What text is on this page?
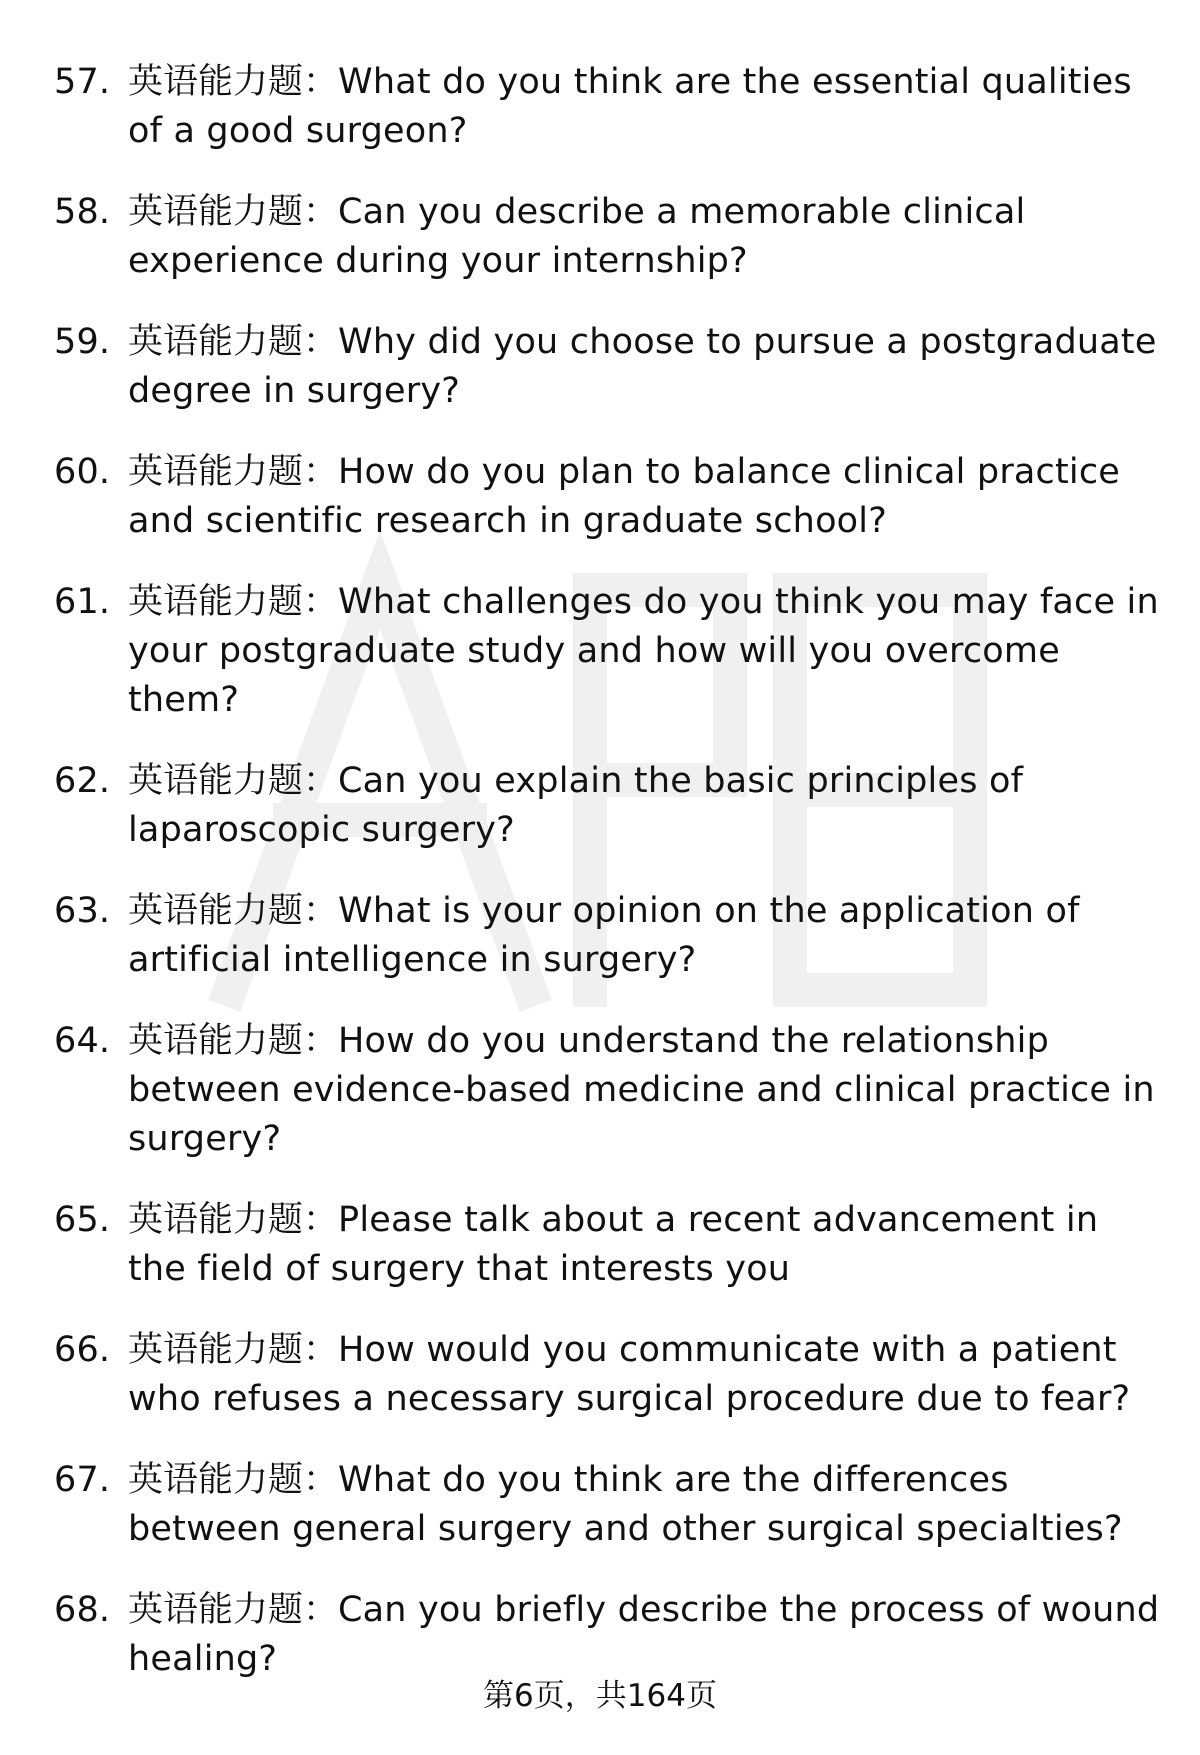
57. 英语能力题：What do you think are the essential qualities of a good surgeon?
58. 英语能力题：Can you describe a memorable clinical experience during your internship?
59. 英语能力题：Why did you choose to pursue a postgraduate degree in surgery?
60. 英语能力题：How do you plan to balance clinical practice and scientific research in graduate school?
61. 英语能力题：What challenges do you think you may face in your postgraduate study and how will you overcome them?
62. 英语能力题：Can you explain the basic principles of laparoscopic surgery?
63. 英语能力题：What is your opinion on the application of artificial intelligence in surgery?
64. 英语能力题：How do you understand the relationship between evidence-based medicine and clinical practice in surgery?
65. 英语能力题：Please talk about a recent advancement in the field of surgery that interests you
66. 英语能力题：How would you communicate with a patient who refuses a necessary surgical procedure due to fear?
67. 英语能力题：What do you think are the differences between general surgery and other surgical specialties?
68. 英语能力题：Can you briefly describe the process of wound healing?
第6页，共164页
